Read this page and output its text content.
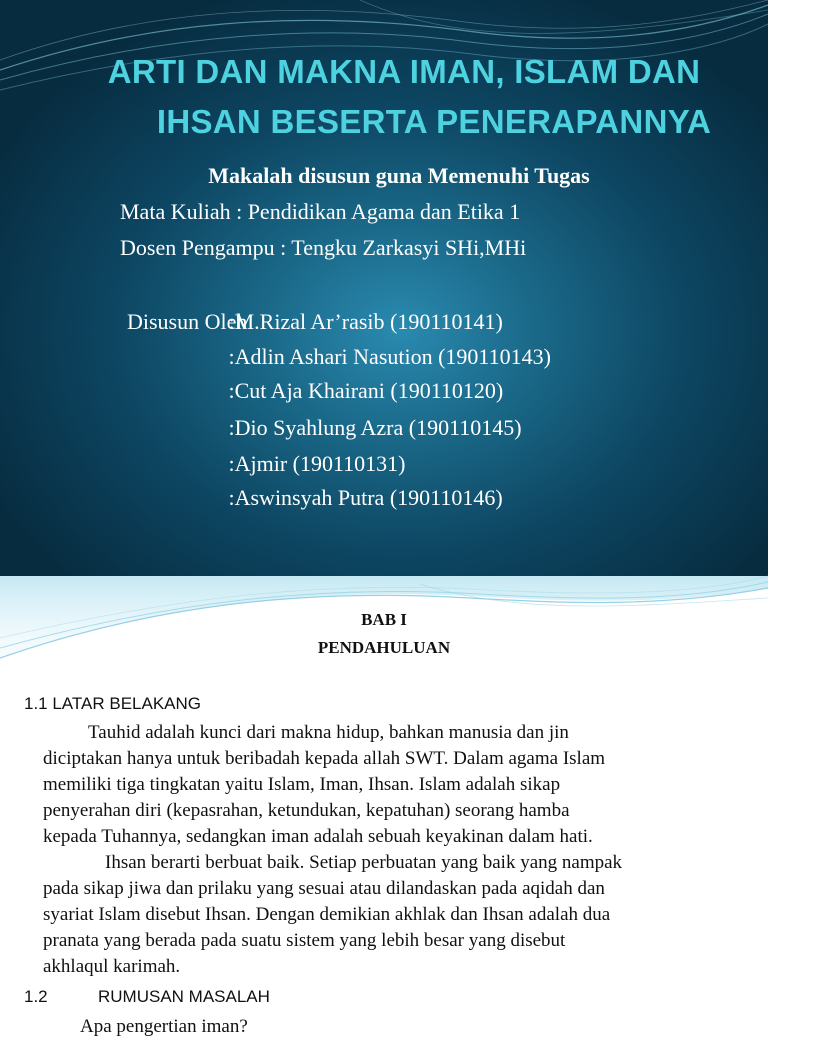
ARTI DAN MAKNA IMAN, ISLAM DAN
IHSAN BESERTA PENERAPANNYA

Makalah disusun guna Memenuhi Tugas

Mata Kuliah : Pendidikan Agama dan Etika 1

Dosen Pengampu : Tengku Zarkasyi SHi,MHi

Disusun Oleh :M.Rizal Ar’rasib (190110141)
:Adlin Ashari Nasution (190110143)
:Cut Aja Khairani (190110120)
:Dio Syahlung Azra (190110145)
:Ajmir (190110131)
:Aswinsyah Putra (190110146)

BAB I

PENDAHULUAN

1.1 LATAR BELAKANG

Tauhid adalah kunci dari makna hidup, bahkan manusia dan jin
diciptakan hanya untuk beribadah kepada allah SWT. Dalam agama Islam
memiliki tiga tingkatan yaitu Islam, Iman, Ihsan. Islam adalah sikap
penyerahan diri (kepasrahan, ketundukan, kepatuhan) seorang hamba
kepada Tuhannya, sedangkan iman adalah sebuah keyakinan dalam hati.
Ihsan berarti berbuat baik. Setiap perbuatan yang baik yang nampak
pada sikap jiwa dan prilaku yang sesuai atau dilandaskan pada aqidah dan
syariat Islam disebut Ihsan. Dengan demikian akhlak dan Ihsan adalah dua
pranata yang berada pada suatu sistem yang lebih besar yang disebut
akhlaqul karimah.

1.2	RUMUSAN MASALAH

Apa pengertian iman?
